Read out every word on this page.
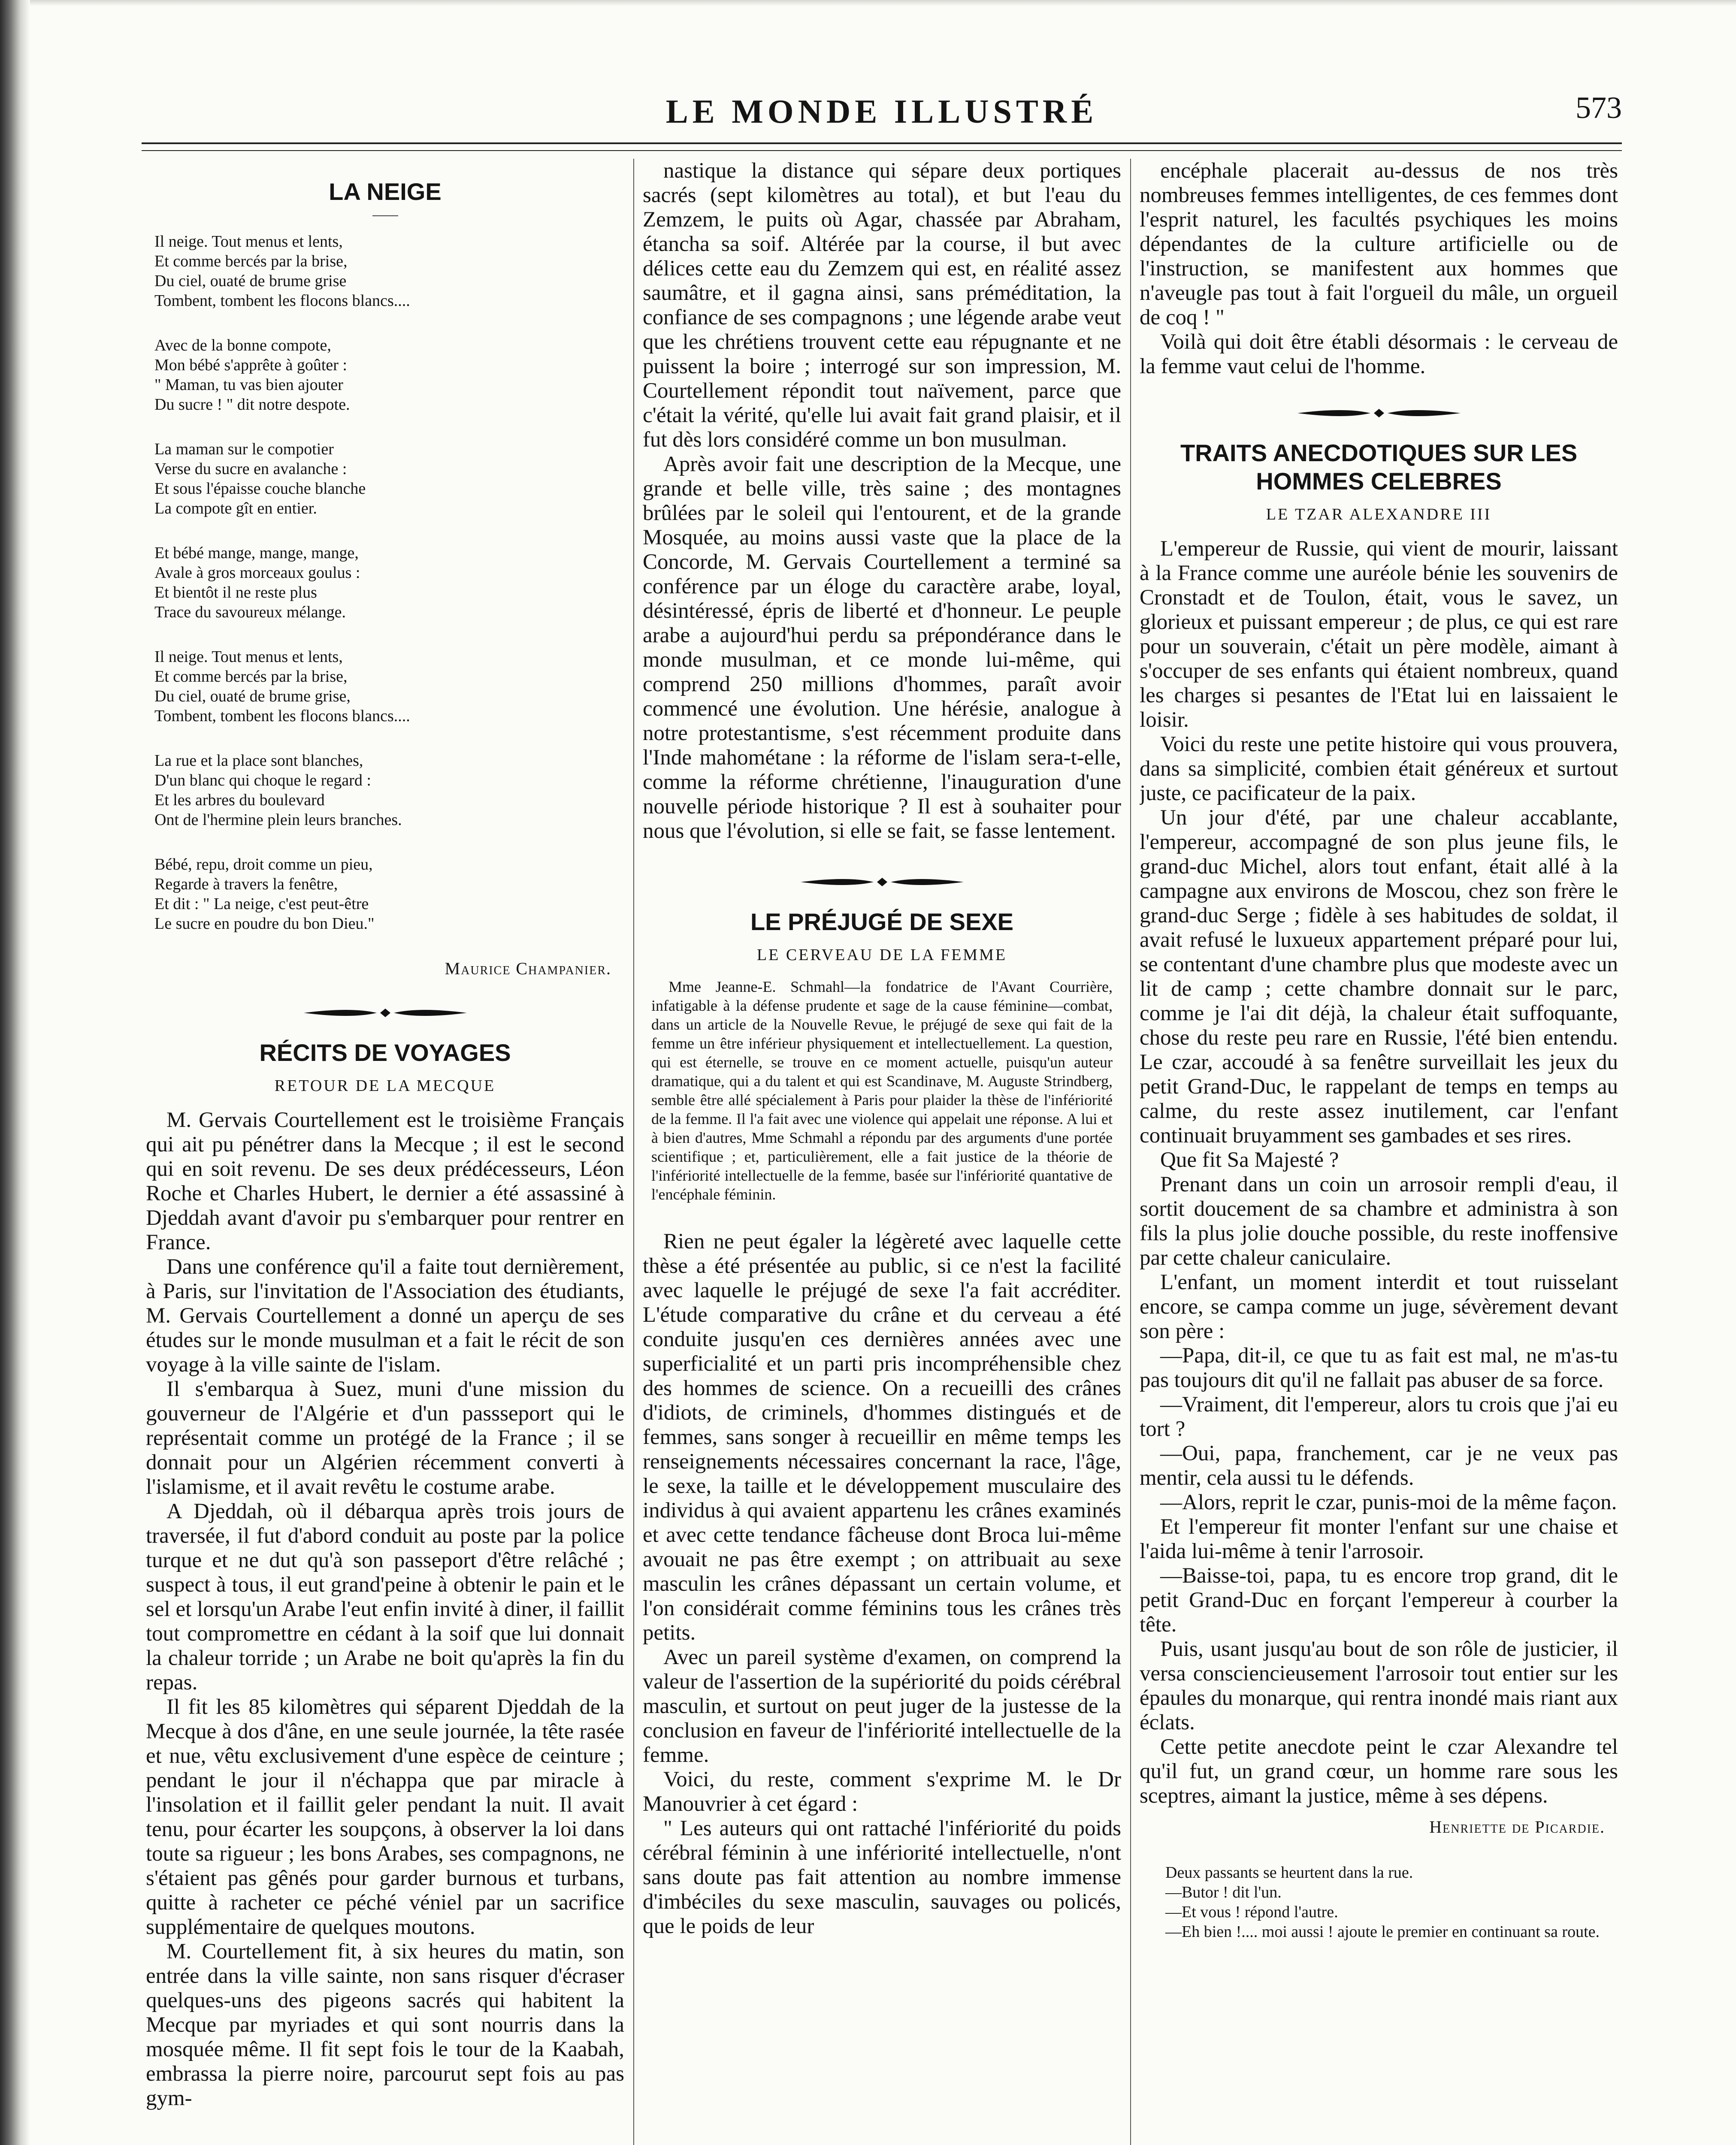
LE MONDE ILLUSTRÉ	573
LA NEIGE
Il neige. Tout menus et lents,
Et comme bercés par la brise,
Du ciel, ouaté de brume grise
Tombent, tombent les flocons blancs....
Avec de la bonne compote,
Mon bébé s'apprête à goûter :
" Maman, tu vas bien ajouter
Du sucre ! " dit notre despote.
La maman sur le compotier
Verse du sucre en avalanche :
Et sous l'épaisse couche blanche
La compote gît en entier.
Et bébé mange, mange, mange,
Avale à gros morceaux goulus :
Et bientôt il ne reste plus
Trace du savoureux mélange.
Il neige. Tout menus et lents,
Et comme bercés par la brise,
Du ciel, ouaté de brume grise,
Tombent, tombent les flocons blancs....
La rue et la place sont blanches,
D'un blanc qui choque le regard :
Et les arbres du boulevard
Ont de l'hermine plein leurs branches.
Bébé, repu, droit comme un pieu,
Regarde à travers la fenêtre,
Et dit : " La neige, c'est peut-être
Le sucre en poudre du bon Dieu."
Maurice Champanier.
RÉCITS DE VOYAGES
RETOUR DE LA MECQUE

M. Gervais Courtellement est le troisième Français qui ait pu pénétrer dans la Mecque ; il est le second qui en soit revenu. De ses deux prédécesseurs, Léon Roche et Charles Hubert, le dernier a été assassiné à Djeddah avant d'avoir pu s'embarquer pour rentrer en France.

Dans une conférence qu'il a faite tout dernièrement, à Paris, sur l'invitation de l'Association des étudiants, M. Gervais Courtellement a donné un aperçu de ses études sur le monde musulman et a fait le récit de son voyage à la ville sainte de l'islam.

Il s'embarqua à Suez, muni d'une mission du gouverneur de l'Algérie et d'un passseport qui le représentait comme un protégé de la France ; il se donnait pour un Algérien récemment converti à l'islamisme, et il avait revêtu le costume arabe.

A Djeddah, où il débarqua après trois jours de traversée, il fut d'abord conduit au poste par la police turque et ne dut qu'à son passeport d'être relâché ; suspect à tous, il eut grand'peine à obtenir le pain et le sel et lorsqu'un Arabe l'eut enfin invité à diner, il faillit tout compromettre en cédant à la soif que lui donnait la chaleur torride ; un Arabe ne boit qu'après la fin du repas.

Il fit les 85 kilomètres qui séparent Djeddah de la Mecque à dos d'âne, en une seule journée, la tête rasée et nue, vêtu exclusivement d'une espèce de ceinture ; pendant le jour il n'échappa que par miracle à l'insolation et il faillit geler pendant la nuit. Il avait tenu, pour écarter les soupçons, à observer la loi dans toute sa rigueur ; les bons Arabes, ses compagnons, ne s'étaient pas gênés pour garder burnous et turbans, quitte à racheter ce péché véniel par un sacrifice supplémentaire de quelques moutons.

M. Courtellement fit, à six heures du matin, son entrée dans la ville sainte, non sans risquer d'écraser quelques-uns des pigeons sacrés qui habitent la Mecque par myriades et qui sont nourris dans la mosquée même. Il fit sept fois le tour de la Kaabah, embrassa la pierre noire, parcourut sept fois au pas gym-

nastique la distance qui sépare deux portiques sacrés (sept kilomètres au total), et but l'eau du Zemzem, le puits où Agar, chassée par Abraham, étancha sa soif. Altérée par la course, il but avec délices cette eau du Zemzem qui est, en réalité assez saumâtre, et il gagna ainsi, sans préméditation, la confiance de ses compagnons ; une légende arabe veut que les chrétiens trouvent cette eau répugnante et ne puissent la boire ; interrogé sur son impression, M. Courtellement répondit tout naïvement, parce que c'était la vérité, qu'elle lui avait fait grand plaisir, et il fut dès lors considéré comme un bon musulman.

Après avoir fait une description de la Mecque, une grande et belle ville, très saine ; des montagnes brûlées par le soleil qui l'entourent, et de la grande Mosquée, au moins aussi vaste que la place de la Concorde, M. Gervais Courtellement a terminé sa conférence par un éloge du caractère arabe, loyal, désintéressé, épris de liberté et d'honneur. Le peuple arabe a aujourd'hui perdu sa prépondérance dans le monde musulman, et ce monde lui-même, qui comprend 250 millions d'hommes, paraît avoir commencé une évolution. Une hérésie, analogue à notre protestantisme, s'est récemment produite dans l'Inde mahométane : la réforme de l'islam sera-t-elle, comme la réforme chrétienne, l'inauguration d'une nouvelle période historique ? Il est à souhaiter pour nous que l'évolution, si elle se fait, se fasse lentement.

LE PRÉJUGÉ DE SEXE
LE CERVEAU DE LA FEMME

Mme Jeanne-E. Schmahl—la fondatrice de l'Avant Courrière, infatigable à la défense prudente et sage de la cause féminine—combat, dans un article de la Nouvelle Revue, le préjugé de sexe qui fait de la femme un être inférieur physiquement et intellectuellement. La question, qui est éternelle, se trouve en ce moment actuelle, puisqu'un auteur dramatique, qui a du talent et qui est Scandinave, M. Auguste Strindberg, semble être allé spécialement à Paris pour plaider la thèse de l'infériorité de la femme. Il l'a fait avec une violence qui appelait une réponse. A lui et à bien d'autres, Mme Schmahl a répondu par des arguments d'une portée scientifique ; et, particulièrement, elle a fait justice de la théorie de l'infériorité intellectuelle de la femme, basée sur l'infériorité quantative de l'encéphale féminin.

Rien ne peut égaler la légèreté avec laquelle cette thèse a été présentée au public, si ce n'est la facilité avec laquelle le préjugé de sexe l'a fait accréditer. L'étude comparative du crâne et du cerveau a été conduite jusqu'en ces dernières années avec une superficialité et un parti pris incompréhensible chez des hommes de science. On a recueilli des crânes d'idiots, de criminels, d'hommes distingués et de femmes, sans songer à recueillir en même temps les renseignements nécessaires concernant la race, l'âge, le sexe, la taille et le développement musculaire des individus à qui avaient appartenu les crânes examinés et avec cette tendance fâcheuse dont Broca lui-même avouait ne pas être exempt ; on attribuait au sexe masculin les crânes dépassant un certain volume, et l'on considérait comme féminins tous les crânes très petits.

Avec un pareil système d'examen, on comprend la valeur de l'assertion de la supériorité du poids cérébral masculin, et surtout on peut juger de la justesse de la conclusion en faveur de l'infériorité intellectuelle de la femme.

Voici, du reste, comment s'exprime M. le Dr Manouvrier à cet égard :

" Les auteurs qui ont rattaché l'infériorité du poids cérébral féminin à une infériorité intellectuelle, n'ont sans doute pas fait attention au nombre immense d'imbéciles du sexe masculin, sauvages ou policés, que le poids de leur

encéphale placerait au-dessus de nos très nombreuses femmes intelligentes, de ces femmes dont l'esprit naturel, les facultés psychiques les moins dépendantes de la culture artificielle ou de l'instruction, se manifestent aux hommes que n'aveugle pas tout à fait l'orgueil du mâle, un orgueil de coq ! "

Voilà qui doit être établi désormais : le cerveau de la femme vaut celui de l'homme.

TRAITS ANECDOTIQUES SUR LES HOMMES CELEBRES
LE TZAR ALEXANDRE III

L'empereur de Russie, qui vient de mourir, laissant à la France comme une auréole bénie les souvenirs de Cronstadt et de Toulon, était, vous le savez, un glorieux et puissant empereur ; de plus, ce qui est rare pour un souverain, c'était un père modèle, aimant à s'occuper de ses enfants qui étaient nombreux, quand les charges si pesantes de l'Etat lui en laissaient le loisir.

Voici du reste une petite histoire qui vous prouvera, dans sa simplicité, combien était généreux et surtout juste, ce pacificateur de la paix.

Un jour d'été, par une chaleur accablante, l'empereur, accompagné de son plus jeune fils, le grand-duc Michel, alors tout enfant, était allé à la campagne aux environs de Moscou, chez son frère le grand-duc Serge ; fidèle à ses habitudes de soldat, il avait refusé le luxueux appartement préparé pour lui, se contentant d'une chambre plus que modeste avec un lit de camp ; cette chambre donnait sur le parc, comme je l'ai dit déjà, la chaleur était suffoquante, chose du reste peu rare en Russie, l'été bien entendu. Le czar, accoudé à sa fenêtre surveillait les jeux du petit Grand-Duc, le rappelant de temps en temps au calme, du reste assez inutilement, car l'enfant continuait bruyamment ses gambades et ses rires.

Que fit Sa Majesté ?

Prenant dans un coin un arrosoir rempli d'eau, il sortit doucement de sa chambre et administra à son fils la plus jolie douche possible, du reste inoffensive par cette chaleur caniculaire.

L'enfant, un moment interdit et tout ruisselant encore, se campa comme un juge, sévèrement devant son père :

—Papa, dit-il, ce que tu as fait est mal, ne m'as-tu pas toujours dit qu'il ne fallait pas abuser de sa force.

—Vraiment, dit l'empereur, alors tu crois que j'ai eu tort ?

—Oui, papa, franchement, car je ne veux pas mentir, cela aussi tu le défends.

—Alors, reprit le czar, punis-moi de la même façon.

Et l'empereur fit monter l'enfant sur une chaise et l'aida lui-même à tenir l'arrosoir.

—Baisse-toi, papa, tu es encore trop grand, dit le petit Grand-Duc en forçant l'empereur à courber la tête.

Puis, usant jusqu'au bout de son rôle de justicier, il versa consciencieusement l'arrosoir tout entier sur les épaules du monarque, qui rentra inondé mais riant aux éclats.

Cette petite anecdote peint le czar Alexandre tel qu'il fut, un grand cœur, un homme rare sous les sceptres, aimant la justice, même à ses dépens.

Henriette de Picardie.
Deux passants se heurtent dans la rue.
—Butor ! dit l'un.
—Et vous ! répond l'autre.
—Eh bien !.... moi aussi ! ajoute le premier en continuant sa route.
